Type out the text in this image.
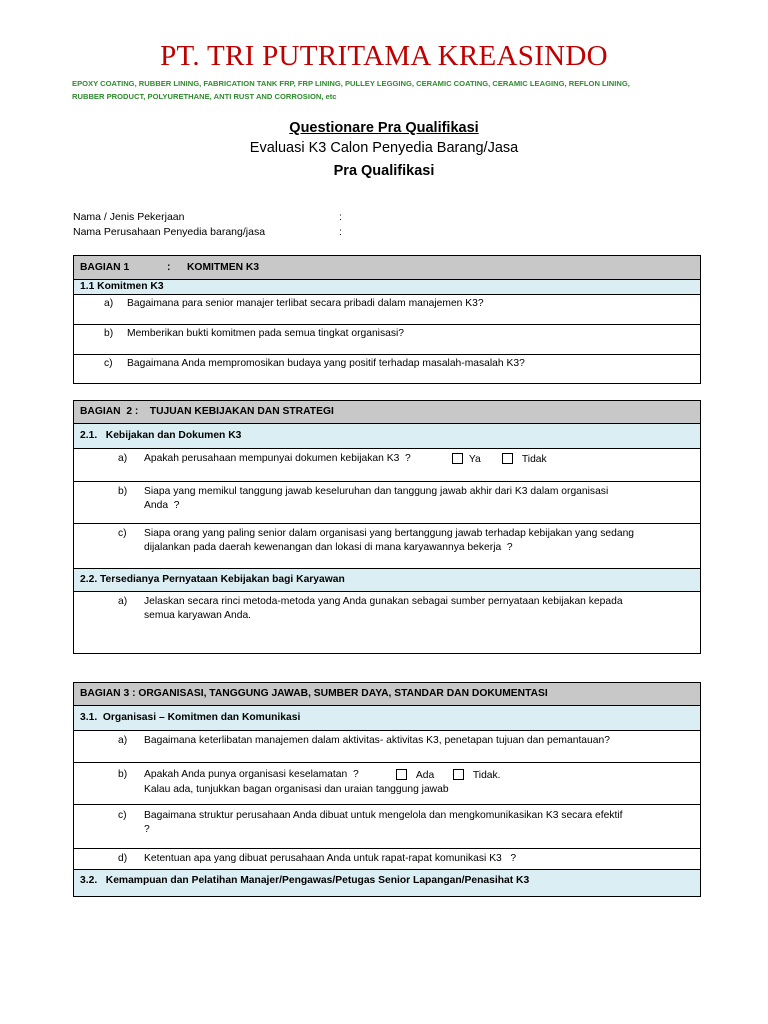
PT. TRI PUTRITAMA KREASINDO
EPOXY COATING, RUBBER LINING, FABRICATION TANK FRP, FRP LINING, PULLEY LEGGING, CERAMIC COATING, CERAMIC LEAGING, REFLON LINING,
RUBBER PRODUCT, POLYURETHANE, ANTI RUST AND CORROSION, etc
Questionare Pra Qualifikasi
Evaluasi K3 Calon Penyedia Barang/Jasa
Pra Qualifikasi
Nama / Jenis Pekerjaan	:
Nama Perusahaan Penyedia barang/jasa	:
BAGIAN 1	: KOMITMEN K3
1.1 Komitmen K3
a) Bagaimana para senior manajer terlibat secara pribadi dalam manajemen K3?
b) Memberikan bukti komitmen pada semua tingkat organisasi?
c) Bagaimana Anda mempromosikan budaya yang positif terhadap masalah-masalah K3?
BAGIAN  2 :    TUJUAN KEBIJAKAN DAN STRATEGI
2.1.   Kebijakan dan Dokumen K3
a) Apakah perusahaan mempunyai dokumen kebijakan K3  ?	Ya	Tidak
b) Siapa yang memikul tanggung jawab keseluruhan dan tanggung jawab akhir dari K3 dalam organisasi
Anda  ?
c) Siapa orang yang paling senior dalam organisasi yang bertanggung jawab terhadap kebijakan yang sedang
dijalankan pada daerah kewenangan dan lokasi di mana karyawannya bekerja  ?
2.2. Tersedianya Pernyataan Kebijakan bagi Karyawan
a) Jelaskan secara rinci metoda-metoda yang Anda gunakan sebagai sumber pernyataan kebijakan kepada
semua karyawan Anda.
BAGIAN 3 : ORGANISASI, TANGGUNG JAWAB, SUMBER DAYA, STANDAR DAN DOKUMENTASI
3.1.  Organisasi – Komitmen dan Komunikasi
a) Bagaimana keterlibatan manajemen dalam aktivitas- aktivitas K3, penetapan tujuan dan pemantauan?
b) Apakah Anda punya organisasi keselamatan  ?	Ada	Tidak.
Kalau ada, tunjukkan bagan organisasi dan uraian tanggung jawab
c) Bagaimana struktur perusahaan Anda dibuat untuk mengelola dan mengkomunikasikan K3 secara efektif
?
d) Ketentuan apa yang dibuat perusahaan Anda untuk rapat-rapat komunikasi K3   ?
3.2.   Kemampuan dan Pelatihan Manajer/Pengawas/Petugas Senior Lapangan/Penasihat K3
